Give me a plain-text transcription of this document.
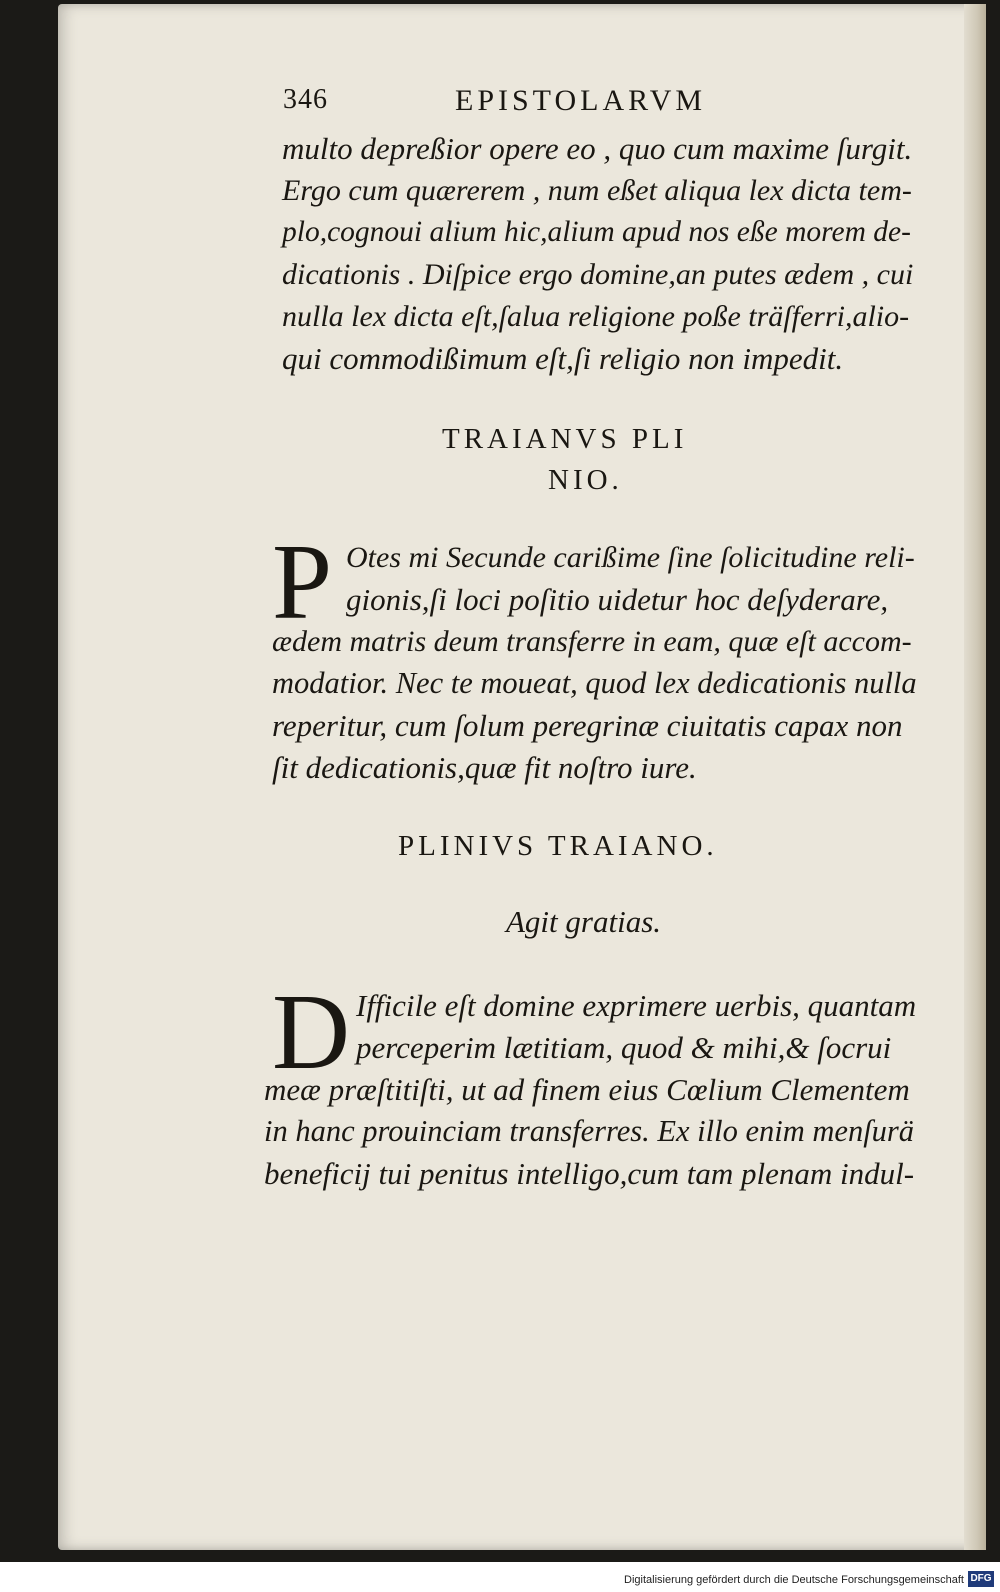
346	EPISTOLARVM
multo depreßior opere eo , quo cum maxime ſurgit.
Ergo cum quærerem , num eßet aliqua lex dicta tem-
plo,cognoui alium hic,alium apud nos eße morem de-
dicationis . Diſpice ergo domine,an putes ædem , cui
nulla lex dicta eſt,ſalua religione poße träſferri,alio-
qui commodißimum eſt,ſi religio non impedit.
TRAIANVS PLI
NIO.
P Otes mi Secunde carißime ſine ſolicitudine reli-
gionis,ſi loci poſitio uidetur hoc deſyderare,
ædem matris deum transferre in eam, quæ eſt accom-
modatior. Nec te moueat, quod lex dedicationis nulla
reperitur, cum ſolum peregrinæ ciuitatis capax non
ſit dedicationis,quæ fit noſtro iure.
PLINIVS TRAIANO.
Agit gratias.
D Ifficile eſt domine exprimere uerbis, quantam
perceperim lætitiam, quod & mihi,& ſocrui
meæ præſtitiſti, ut ad finem eius Cœlium Clementem
in hanc prouinciam transferres. Ex illo enim menſurä
beneficij tui penitus intelligo,cum tam plenam indul-
Digitalisierung gefördert durch die Deutsche Forschungsgemeinschaft DFG
